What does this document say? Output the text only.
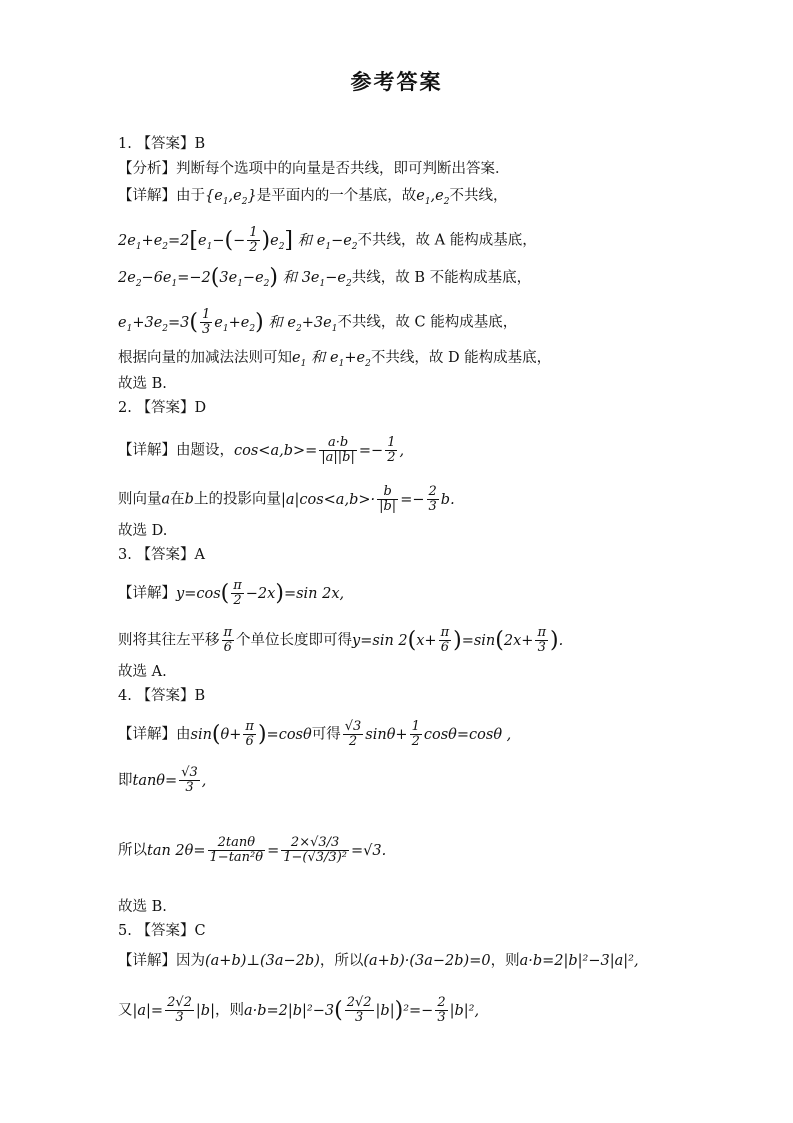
参考答案
1. 【答案】B
【分析】判断每个选项中的向量是否共线，即可判断出答案．
【详解】由于$\{e_1,e_2\}$是平面内的一个基底，故$e_1,e_2$不共线，
$2e_1+e_2=2[e_1-(- \frac{1}{2} )e_2]$ 和 $e_1-e_2$不共线，故 A 能构成基底，
$2e_2-6e_1=-2(3e_1-e_2)$ 和 $3e_1-e_2$共线，故 B 不能构成基底，
$e_1+3e_2=3( \frac{1}{3} e_1+e_2)$ 和 $e_2+3e_1$不共线，故 C 能构成基底，
根据向量的加减法法则可知$e_1$ 和 $e_1+e_2$不共线，故 D 能构成基底，
故选 B.
2. 【答案】D
【详解】由题设，$\cos<a,b>= \frac{a\cdot b}{|a||b|} =- \frac{1}{2}$ ,
则向量a在b上的投影向量$|a|\cos<a,b>\cdot \frac{b}{|b|} =- \frac{2}{3} b$.
故选 D.
3. 【答案】A
【详解】$y=\cos( \frac{\pi}{2} -2x)=\sin$ 2x,
则将其往左平移 $\frac{\pi}{6}$ 个单位长度即可得y=sin $2(x+ \frac{\pi}{6} )=\sin(2x+ \frac{\pi}{3}$ ).
故选 A.
4. 【答案】B
【详解】由$\sin(\theta+ \frac{\pi}{6} )=\cos\theta$可得 $\frac{√3}{2} \sin\theta+ \frac{1}{2} \cos\theta=\cos\theta$ ,
即$\tan\theta= \frac{√3}{3}$ ,
所以$\tan 2\theta= \frac{2\tan\theta}{\text{1−tan²θ}} = \frac{2\times√3/3}{\text{1−(√3/3)²}} =√3$.
故选 B.
5. 【答案】C
【详解】因为(a+b)⊥(3a−2b)，所以(a+b)·(3a−2b)=0，则a·b=2|b|²−3|a|²,
又$|a|= \frac{2√2}{3} |b|$，则$a\cdot b=2|b|^2-3( \frac{2√2}{3} |b|)^2=- \frac{2}{3} |b|^2$,
